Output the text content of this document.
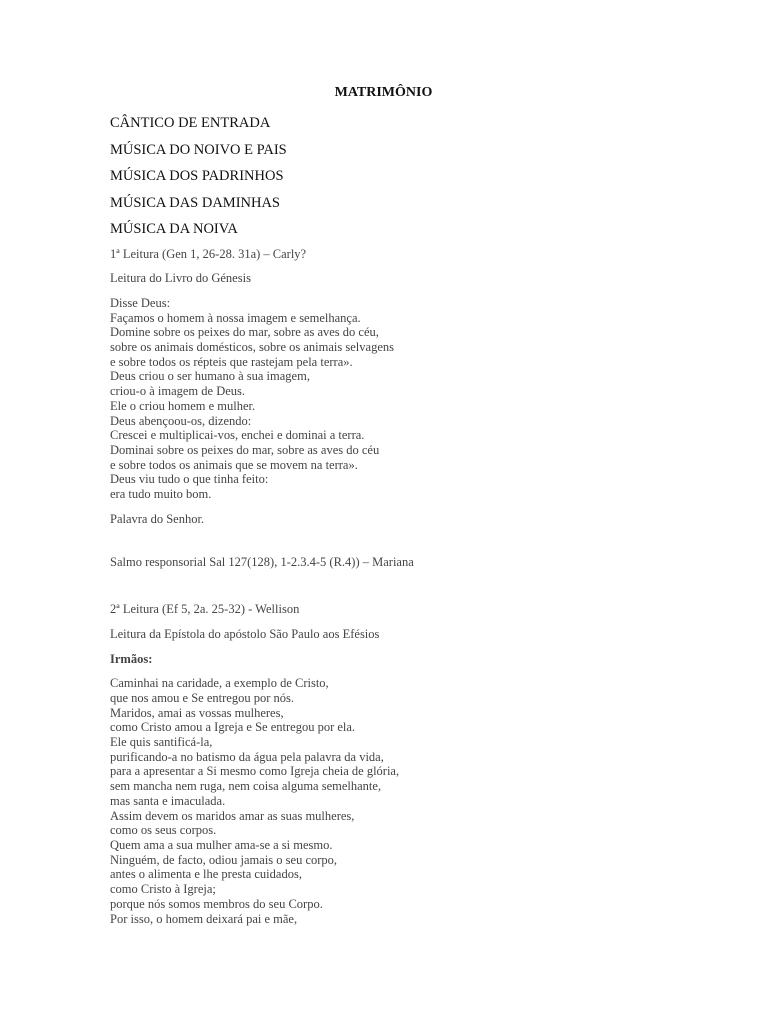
MATRIMÔNIO
CÂNTICO DE ENTRADA
MÚSICA DO NOIVO E PAIS
MÚSICA DOS PADRINHOS
MÚSICA DAS DAMINHAS
MÚSICA DA NOIVA
1ª Leitura (Gen 1, 26-28. 31a) – Carly?
Leitura do Livro do Génesis
Disse Deus:
Façamos o homem à nossa imagem e semelhança.
Domine sobre os peixes do mar, sobre as aves do céu,
sobre os animais domésticos, sobre os animais selvagens
e sobre todos os répteis que rastejam pela terra».
Deus criou o ser humano à sua imagem,
criou-o à imagem de Deus.
Ele o criou homem e mulher.
Deus abençoou-os, dizendo:
Crescei e multiplicai-vos, enchei e dominai a terra.
Dominai sobre os peixes do mar, sobre as aves do céu
e sobre todos os animais que se movem na terra».
Deus viu tudo o que tinha feito:
era tudo muito bom.
Palavra do Senhor.
Salmo responsorial Sal 127(128), 1-2.3.4-5 (R.4)) – Mariana
2ª Leitura (Ef 5, 2a. 25-32) - Wellison
Leitura da Epístola do apóstolo São Paulo aos Efésios
Irmãos:
Caminhai na caridade, a exemplo de Cristo,
que nos amou e Se entregou por nós.
Maridos, amai as vossas mulheres,
como Cristo amou a Igreja e Se entregou por ela.
Ele quis santificá-la,
purificando-a no batismo da água pela palavra da vida,
para a apresentar a Si mesmo como Igreja cheia de glória,
sem mancha nem ruga, nem coisa alguma semelhante,
mas santa e imaculada.
Assim devem os maridos amar as suas mulheres,
como os seus corpos.
Quem ama a sua mulher ama-se a si mesmo.
Ninguém, de facto, odiou jamais o seu corpo,
antes o alimenta e lhe presta cuidados,
como Cristo à Igreja;
porque nós somos membros do seu Corpo.
Por isso, o homem deixará pai e mãe,
